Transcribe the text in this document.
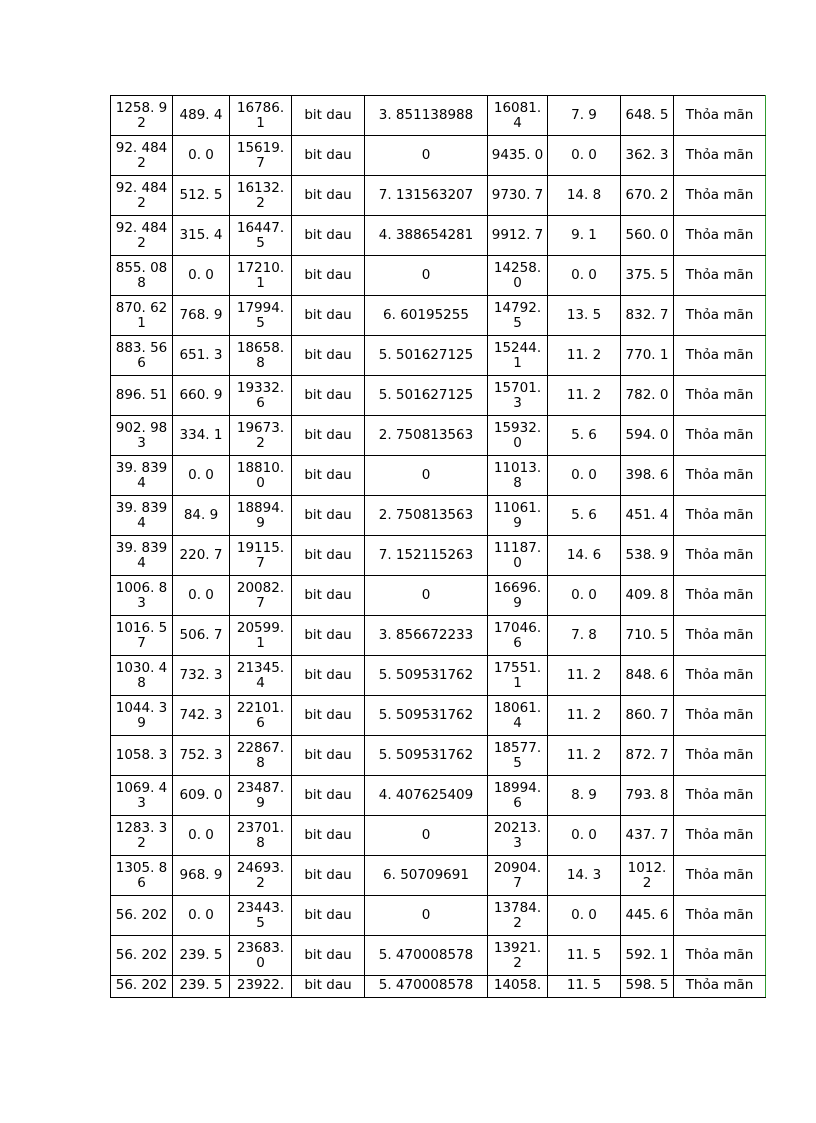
1258. 92	489. 4	16786. 1	bit dau	3. 851138988	16081. 4	7. 9	648. 5	Thỏa mãn
92. 4842	0. 0	15619. 7	bit dau	0	9435. 0	0. 0	362. 3	Thỏa mãn
92. 4842	512. 5	16132. 2	bit dau	7. 131563207	9730. 7	14. 8	670. 2	Thỏa mãn
92. 4842	315. 4	16447. 5	bit dau	4. 388654281	9912. 7	9. 1	560. 0	Thỏa mãn
855. 088	0. 0	17210. 1	bit dau	0	14258. 0	0. 0	375. 5	Thỏa mãn
870. 621	768. 9	17994. 5	bit dau	6. 60195255	14792. 5	13. 5	832. 7	Thỏa mãn
883. 566	651. 3	18658. 8	bit dau	5. 501627125	15244. 1	11. 2	770. 1	Thỏa mãn
896. 51	660. 9	19332. 6	bit dau	5. 501627125	15701. 3	11. 2	782. 0	Thỏa mãn
902. 983	334. 1	19673. 2	bit dau	2. 750813563	15932. 0	5. 6	594. 0	Thỏa mãn
39. 8394	0. 0	18810. 0	bit dau	0	11013. 8	0. 0	398. 6	Thỏa mãn
39. 8394	84. 9	18894. 9	bit dau	2. 750813563	11061. 9	5. 6	451. 4	Thỏa mãn
39. 8394	220. 7	19115. 7	bit dau	7. 152115263	11187. 0	14. 6	538. 9	Thỏa mãn
1006. 83	0. 0	20082. 7	bit dau	0	16696. 9	0. 0	409. 8	Thỏa mãn
1016. 57	506. 7	20599. 1	bit dau	3. 856672233	17046. 6	7. 8	710. 5	Thỏa mãn
1030. 48	732. 3	21345. 4	bit dau	5. 509531762	17551. 1	11. 2	848. 6	Thỏa mãn
1044. 39	742. 3	22101. 6	bit dau	5. 509531762	18061. 4	11. 2	860. 7	Thỏa mãn
1058. 3	752. 3	22867. 8	bit dau	5. 509531762	18577. 5	11. 2	872. 7	Thỏa mãn
1069. 43	609. 0	23487. 9	bit dau	4. 407625409	18994. 6	8. 9	793. 8	Thỏa mãn
1283. 32	0. 0	23701. 8	bit dau	0	20213. 3	0. 0	437. 7	Thỏa mãn
1305. 86	968. 9	24693. 2	bit dau	6. 50709691	20904. 7	14. 3	1012. 2	Thỏa mãn
56. 202	0. 0	23443. 5	bit dau	0	13784. 2	0. 0	445. 6	Thỏa mãn
56. 202	239. 5	23683. 0	bit dau	5. 470008578	13921. 2	11. 5	592. 1	Thỏa mãn
56. 202	239. 5	23922.	bit dau	5. 470008578	14058.	11. 5	598. 5	Thỏa mãn
